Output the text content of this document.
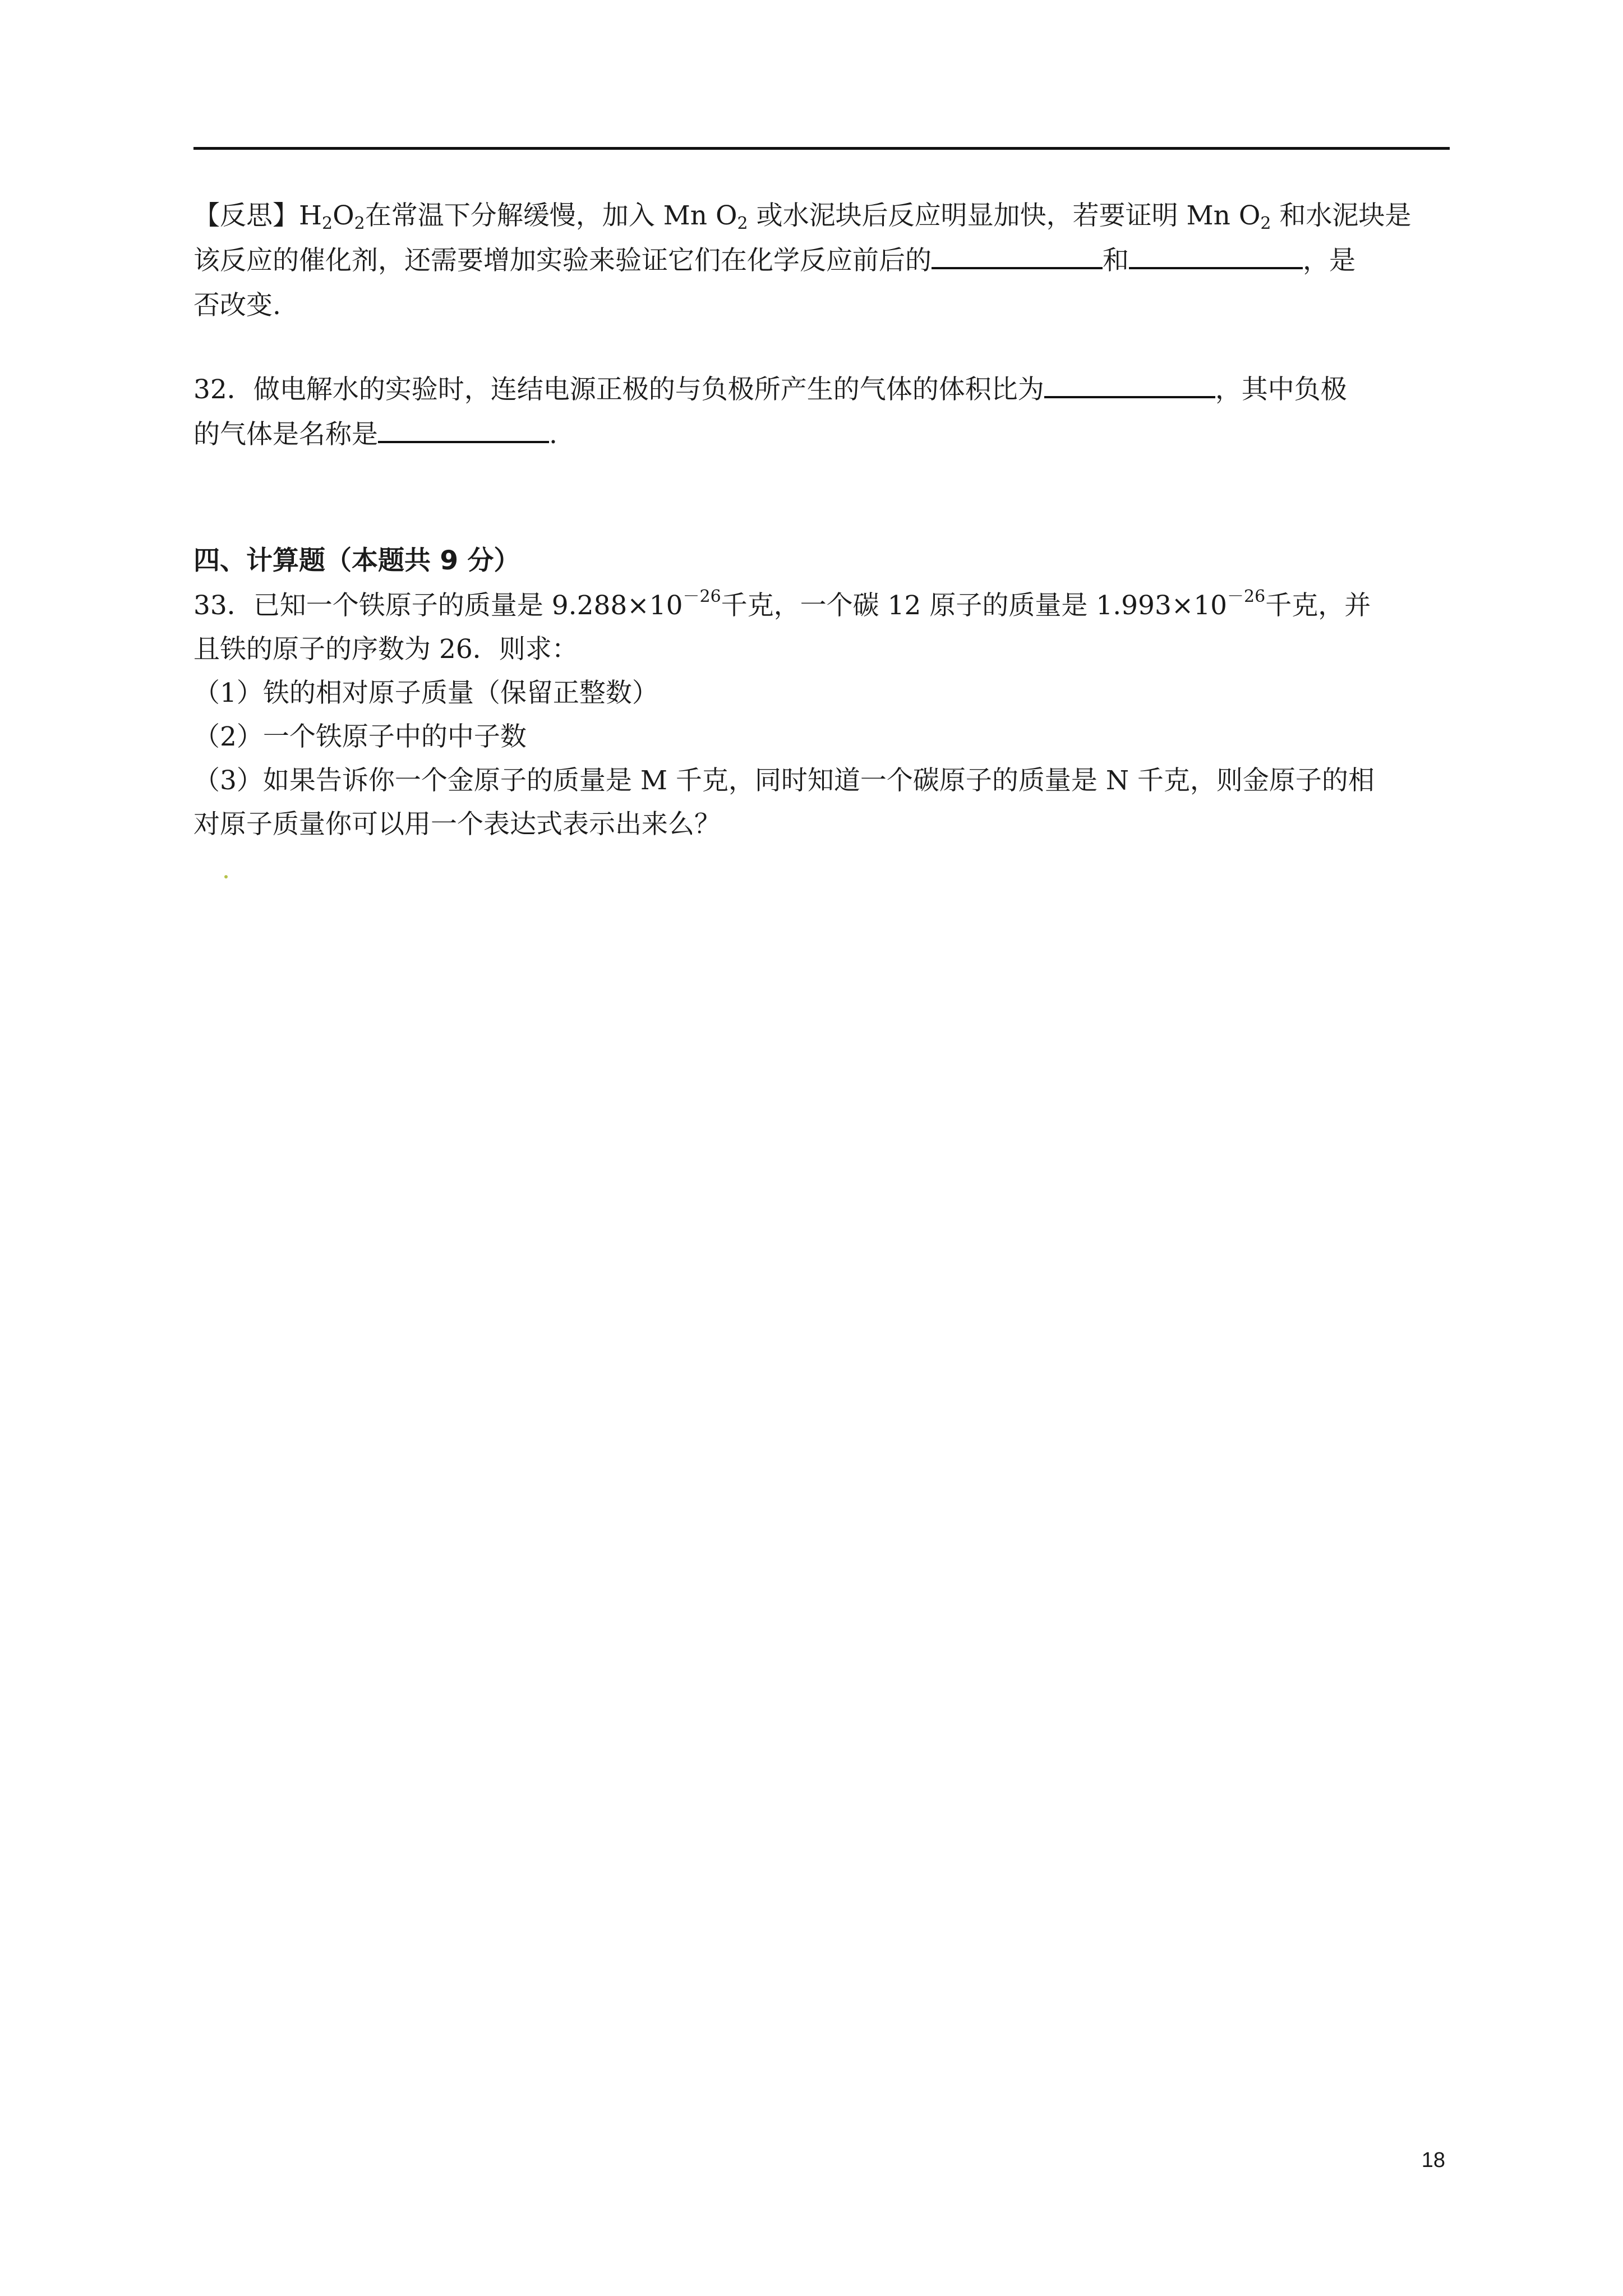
【反思】$H_2O_2$在常温下分解缓慢，加入 Mn $O_2$ 或水泥块后反应明显加快，若要证明 Mn $O_2$ 和水泥块是
该反应的催化剂，还需要增加实验来验证它们在化学反应前后的	和	，是
否改变.
32．做电解水的实验时，连结电源正极的与负极所产生的气体的体积比为	，其中负极
的气体是名称是	.
四、计算题（本题共 9 分）
33．已知一个铁原子的质量是 $9.288\times 10^{-26}$千克，一个碳 12 原子的质量是 $1.993\times 10^{-26}$千克，并
且铁的原子的序数为 26．则求：
（1）铁的相对原子质量（保留正整数）
（2）一个铁原子中的中子数
（3）如果告诉你一个金原子的质量是 M 千克，同时知道一个碳原子的质量是 N 千克，则金原子的相
对原子质量你可以用一个表达式表示出来么？
18
